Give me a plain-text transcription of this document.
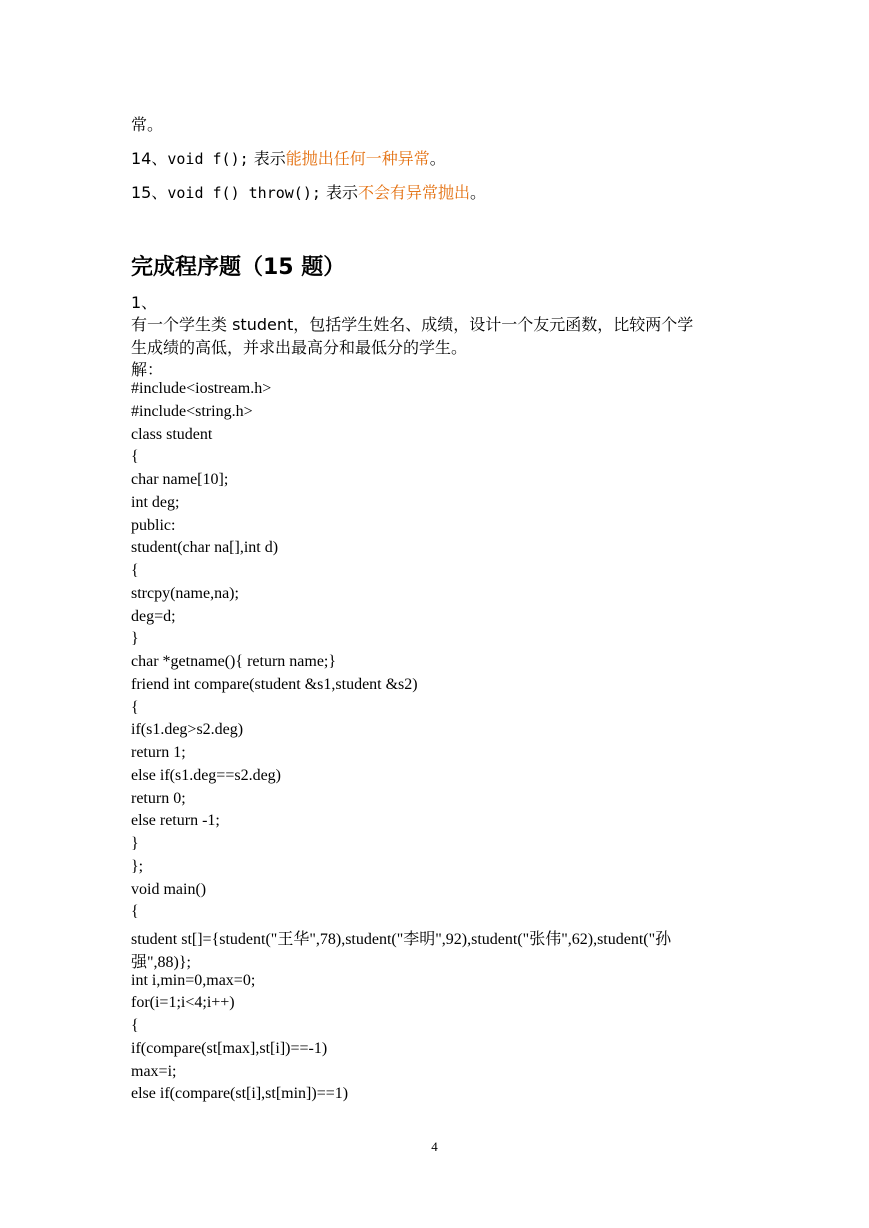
常。
14、void f(); 表示能抛出任何一种异常。
15、void f() throw(); 表示不会有异常抛出。
完成程序题（15 题）
1、
有一个学生类 student，包括学生姓名、成绩，设计一个友元函数，比较两个学
生成绩的高低，并求出最高分和最低分的学生。
解：
#include<iostream.h>
#include<string.h>
class student
{
char name[10];
int deg;
public:
student(char na[],int d)
{
strcpy(name,na);
deg=d;
}
char *getname(){ return name;}
friend int compare(student &s1,student &s2)
{
if(s1.deg>s2.deg)
return 1;
else if(s1.deg==s2.deg)
return 0;
else return -1;
}
};
void main()
{
student st[]={student("王华",78),student("李明",92),student("张伟",62),student("孙
强",88)};
int i,min=0,max=0;
for(i=1;i<4;i++)
{
if(compare(st[max],st[i])==-1)
max=i;
else if(compare(st[i],st[min])==1)
4
